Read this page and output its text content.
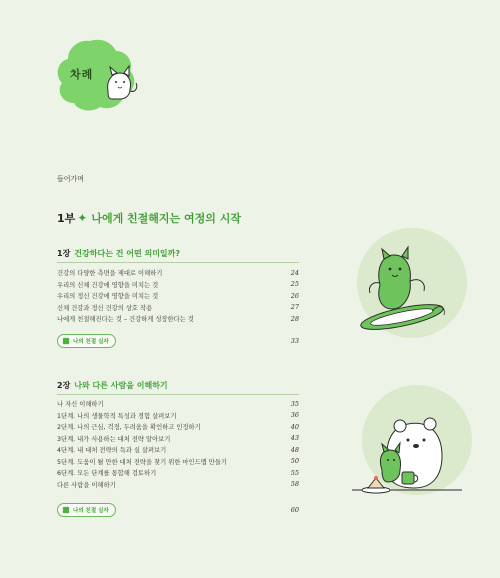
차례
들어가며
1부 ✦ 나에게 친절해지는 여정의 시작
1장 건강하다는 건 어떤 의미일까?
건강의 다양한 측면을 제대로 이해하기	24
우리의 신체 건강에 영향을 미치는 것	25
우리의 정신 건강에 영향을 미치는 것	26
신체 건강과 정신 건강의 상호 작용	27
나에게 친절해진다는 것 – 건강하게 성장한다는 것	28
나의 친절 실자	33
2장 나와 다른 사람을 이해하기
나 자신 이해하기	35
1단계. 나의 생물학적 특성과 경험 살펴보기	36
2단계. 나의 근심, 걱정, 두려움을 확인하고 인정하기	40
3단계. 내가 사용하는 대처 전략 알아보기	43
4단계. 내 대처 전략의 득과 실 살펴보기	48
5단계. 도움이 될 만한 대처 전략을 찾기 위한 마인드맵 만들기	50
6단계. 모든 단계를 통합해 검토하기	55
다른 사람을 이해하기	58
나의 친절 실자	60
